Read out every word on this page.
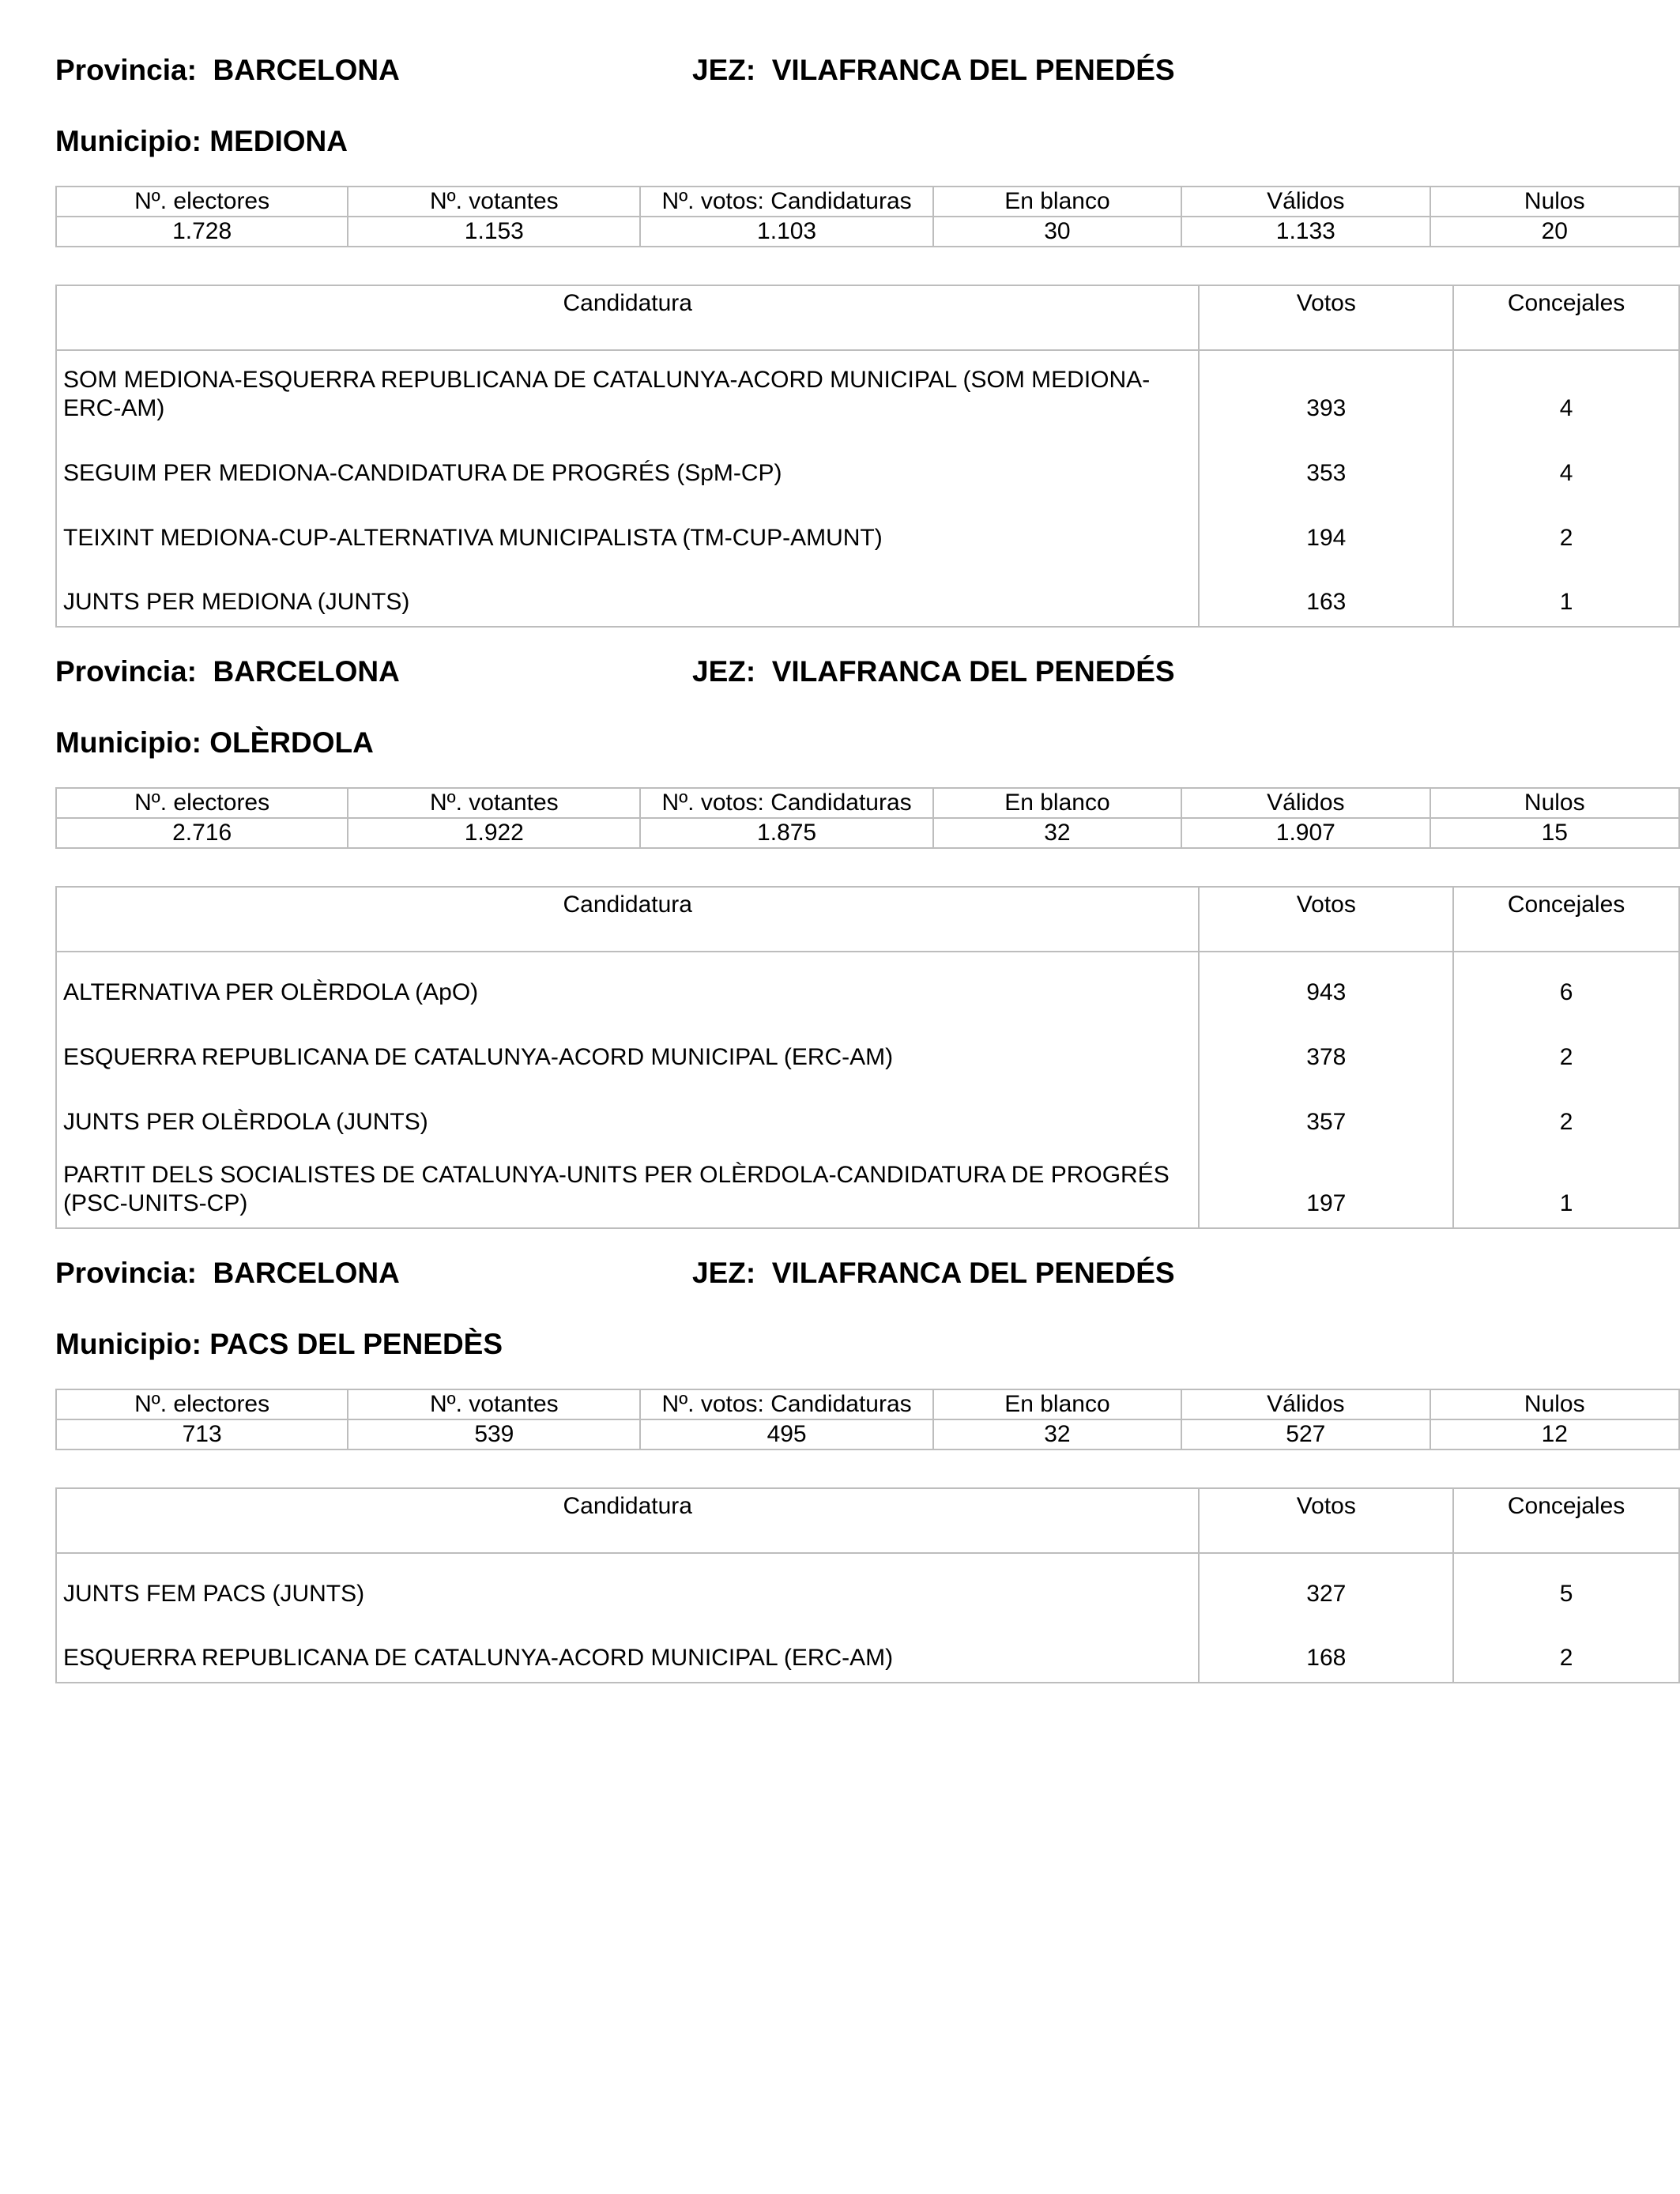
Provincia: BARCELONA	JEZ: VILAFRANCA DEL PENEDÉS
Municipio: MEDIONA
Nº. electores	Nº. votantes	Nº. votos: Candidaturas	En blanco	Válidos	Nulos
1.728	1.153	1.103	30	1.133	20
Candidatura	Votos	Concejales
SOM MEDIONA-ESQUERRA REPUBLICANA DE CATALUNYA-ACORD MUNICIPAL (SOM MEDIONA-ERC-AM)	393	4
SEGUIM PER MEDIONA-CANDIDATURA DE PROGRÉS (SpM-CP)	353	4
TEIXINT MEDIONA-CUP-ALTERNATIVA MUNICIPALISTA (TM-CUP-AMUNT)	194	2
JUNTS PER MEDIONA (JUNTS)	163	1
Provincia: BARCELONA	JEZ: VILAFRANCA DEL PENEDÉS
Municipio: OLÈRDOLA
Nº. electores	Nº. votantes	Nº. votos: Candidaturas	En blanco	Válidos	Nulos
2.716	1.922	1.875	32	1.907	15
Candidatura	Votos	Concejales
ALTERNATIVA PER OLÈRDOLA (ApO)	943	6
ESQUERRA REPUBLICANA DE CATALUNYA-ACORD MUNICIPAL (ERC-AM)	378	2
JUNTS PER OLÈRDOLA (JUNTS)	357	2
PARTIT DELS SOCIALISTES DE CATALUNYA-UNITS PER OLÈRDOLA-CANDIDATURA DE PROGRÉS (PSC-UNITS-CP)	197	1
Provincia: BARCELONA	JEZ: VILAFRANCA DEL PENEDÉS
Municipio: PACS DEL PENEDÈS
Nº. electores	Nº. votantes	Nº. votos: Candidaturas	En blanco	Válidos	Nulos
713	539	495	32	527	12
Candidatura	Votos	Concejales
JUNTS FEM PACS (JUNTS)	327	5
ESQUERRA REPUBLICANA DE CATALUNYA-ACORD MUNICIPAL (ERC-AM)	168	2
